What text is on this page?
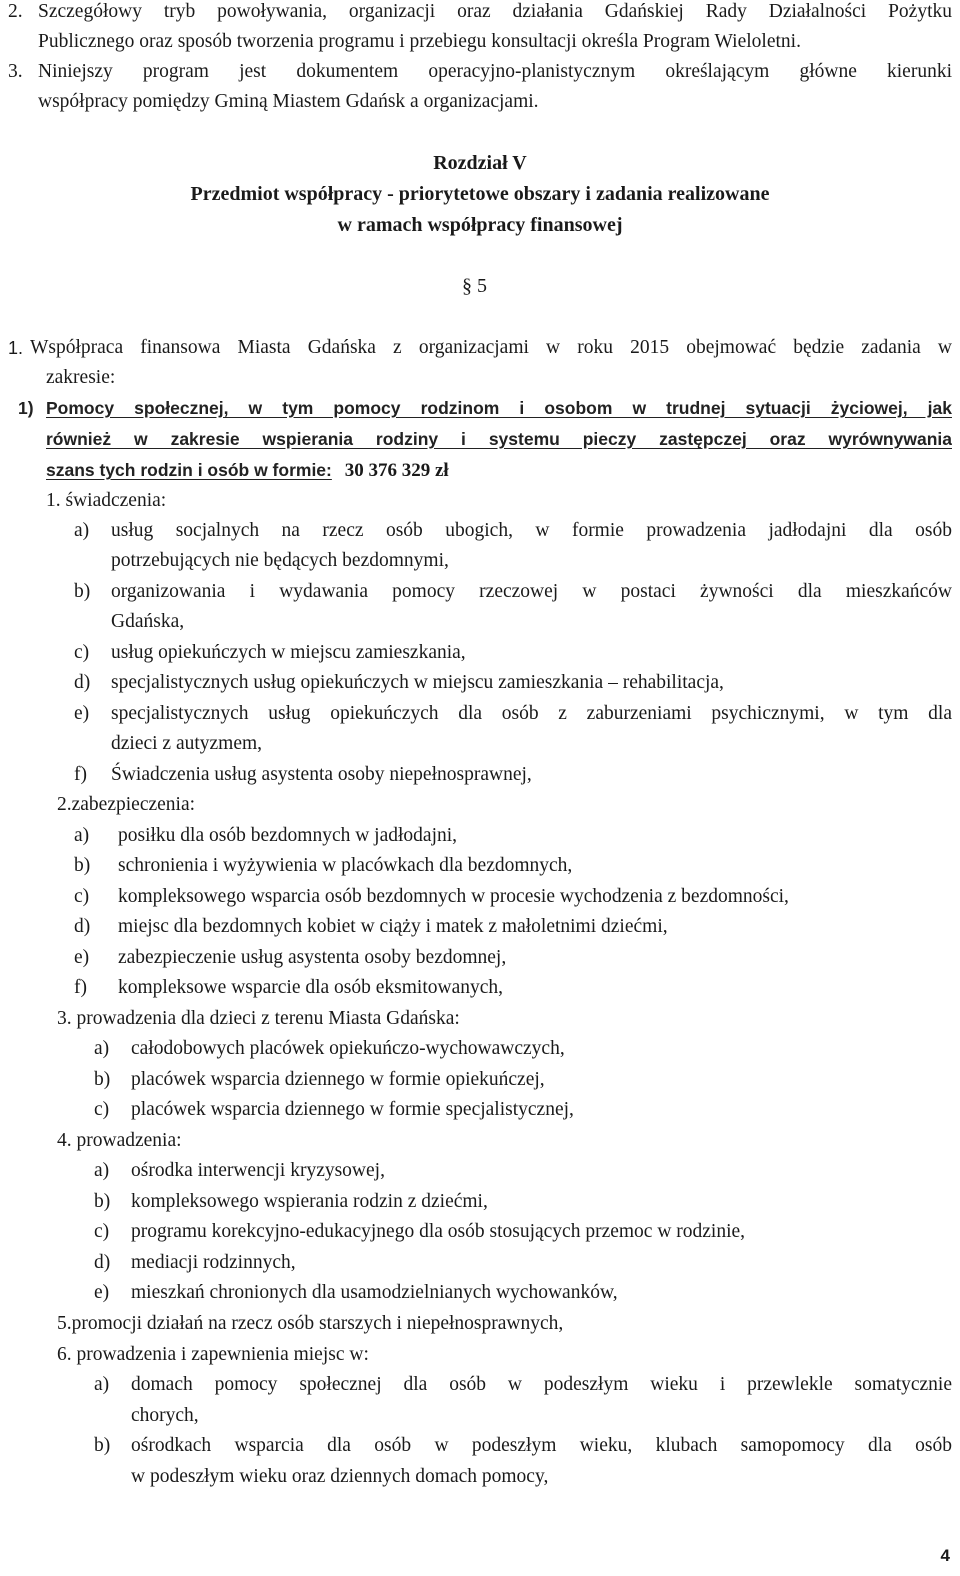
2. Szczegółowy tryb powoływania, organizacji oraz działania Gdańskiej Rady Działalności Pożytku
Publicznego oraz sposób tworzenia programu i przebiegu konsultacji określa Program Wieloletni.
3. Niniejszy program jest dokumentem operacyjno-planistycznym określającym główne kierunki
współpracy pomiędzy Gminą Miastem Gdańsk a organizacjami.
Rozdział V
Przedmiot współpracy - priorytetowe obszary i zadania realizowane
w ramach współpracy finansowej
§ 5
1. Współpraca finansowa Miasta Gdańska z organizacjami w roku 2015 obejmować będzie zadania w
zakresie:
1) Pomocy społecznej, w tym pomocy rodzinom i osobom w trudnej sytuacji życiowej, jak
również w zakresie wspierania rodziny i systemu pieczy zastępczej oraz wyrównywania
szans tych rodzin i osób w formie: 30 376 329 zł
1. świadczenia:
a) usług socjalnych na rzecz osób ubogich, w formie prowadzenia jadłodajni dla osób
potrzebujących nie będących bezdomnymi,
b) organizowania i wydawania pomocy rzeczowej w postaci żywności dla mieszkańców
Gdańska,
c) usług opiekuńczych w miejscu zamieszkania,
d) specjalistycznych usług opiekuńczych w miejscu zamieszkania – rehabilitacja,
e) specjalistycznych usług opiekuńczych dla osób z zaburzeniami psychicznymi, w tym dla
dzieci z autyzmem,
f) Świadczenia usług asystenta osoby niepełnosprawnej,
2.zabezpieczenia:
a) posiłku dla osób bezdomnych w jadłodajni,
b) schronienia i wyżywienia w placówkach dla bezdomnych,
c) kompleksowego wsparcia osób bezdomnych w procesie wychodzenia z bezdomności,
d) miejsc dla bezdomnych kobiet w ciąży i matek z małoletnimi dziećmi,
e) zabezpieczenie usług asystenta osoby bezdomnej,
f) kompleksowe wsparcie dla osób eksmitowanych,
3. prowadzenia dla dzieci z terenu Miasta Gdańska:
a) całodobowych placówek opiekuńczo-wychowawczych,
b) placówek wsparcia dziennego w formie opiekuńczej,
c) placówek wsparcia dziennego w formie specjalistycznej,
4. prowadzenia:
a) ośrodka interwencji kryzysowej,
b) kompleksowego wspierania rodzin z dziećmi,
c) programu korekcyjno-edukacyjnego dla osób stosujących przemoc w rodzinie,
d) mediacji rodzinnych,
e) mieszkań chronionych dla usamodzielnianych wychowanków,
5.promocji działań na rzecz osób starszych i niepełnosprawnych,
6. prowadzenia i zapewnienia miejsc w:
a) domach pomocy społecznej dla osób w podeszłym wieku i przewlekle somatycznie
chorych,
b) ośrodkach wsparcia dla osób w podeszłym wieku, klubach samopomocy dla osób
w podeszłym wieku oraz dziennych domach pomocy,
4
